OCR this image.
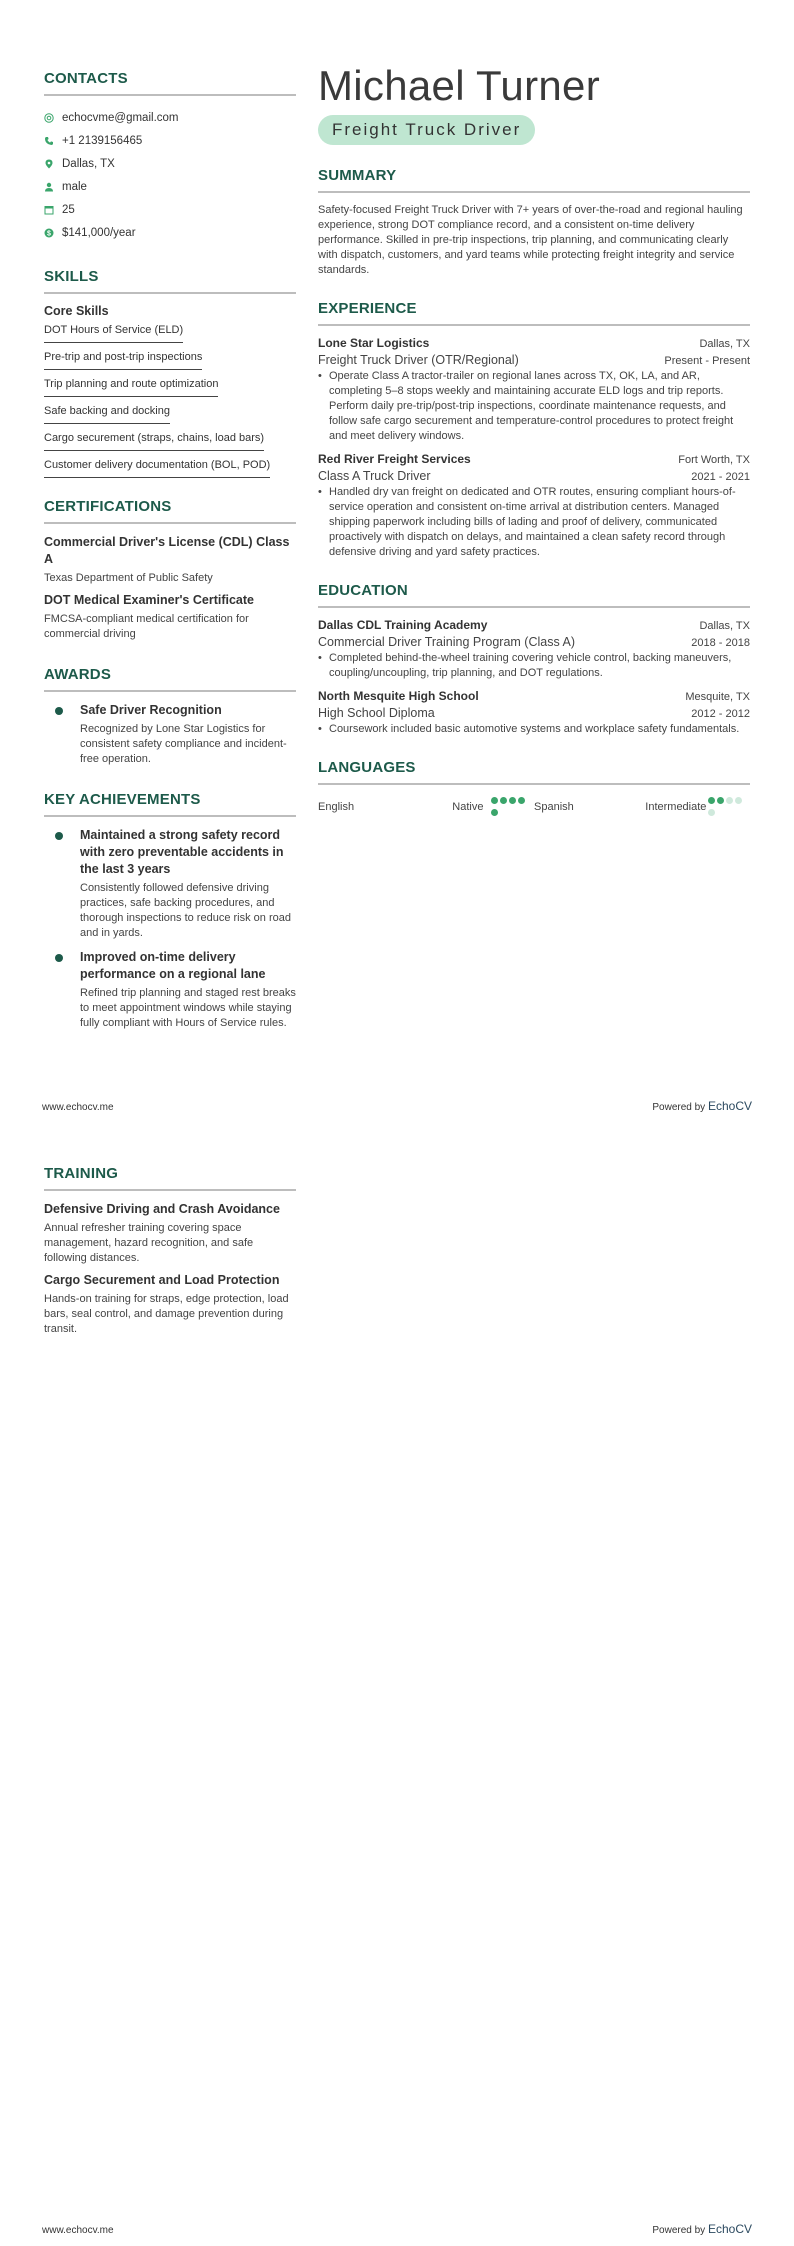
CONTACTS
echocvme@gmail.com
+1 2139156465
Dallas, TX
male
25
$ $141,000/year
SKILLS
Core Skills
DOT Hours of Service (ELD)
Pre-trip and post-trip inspections
Trip planning and route optimization
Safe backing and docking
Cargo securement (straps, chains, load bars)
Customer delivery documentation (BOL, POD)
CERTIFICATIONS
Commercial Driver's License (CDL) Class A
Texas Department of Public Safety
DOT Medical Examiner's Certificate
FMCSA-compliant medical certification for commercial driving
AWARDS
Safe Driver Recognition
Recognized by Lone Star Logistics for consistent safety compliance and incident-free operation.
KEY ACHIEVEMENTS
Maintained a strong safety record with zero preventable accidents in the last 3 years
Consistently followed defensive driving practices, safe backing procedures, and thorough inspections to reduce risk on road and in yards.
Improved on-time delivery performance on a regional lane
Refined trip planning and staged rest breaks to meet appointment windows while staying fully compliant with Hours of Service rules.
Michael Turner
Freight Truck Driver
SUMMARY
Safety-focused Freight Truck Driver with 7+ years of over-the-road and regional hauling experience, strong DOT compliance record, and a consistent on-time delivery performance. Skilled in pre-trip inspections, trip planning, and communicating clearly with dispatch, customers, and yard teams while protecting freight integrity and service standards.
EXPERIENCE
Lone Star Logistics	Dallas, TX
Freight Truck Driver (OTR/Regional)	Present - Present
• Operate Class A tractor-trailer on regional lanes across TX, OK, LA, and AR, completing 5–8 stops weekly and maintaining accurate ELD logs and trip reports. Perform daily pre-trip/post-trip inspections, coordinate maintenance requests, and follow safe cargo securement and temperature-control procedures to protect freight and meet delivery windows.
Red River Freight Services	Fort Worth, TX
Class A Truck Driver	2021 - 2021
• Handled dry van freight on dedicated and OTR routes, ensuring compliant hours-of-service operation and consistent on-time arrival at distribution centers. Managed shipping paperwork including bills of lading and proof of delivery, communicated proactively with dispatch on delays, and maintained a clean safety record through defensive driving and yard safety practices.
EDUCATION
Dallas CDL Training Academy	Dallas, TX
Commercial Driver Training Program (Class A)	2018 - 2018
• Completed behind-the-wheel training covering vehicle control, backing maneuvers, coupling/uncoupling, trip planning, and DOT regulations.
North Mesquite High School	Mesquite, TX
High School Diploma	2012 - 2012
• Coursework included basic automotive systems and workplace safety fundamentals.
LANGUAGES
English	Native	Spanish	Intermediate
www.echocv.me	Powered by EchoCV
TRAINING
Defensive Driving and Crash Avoidance
Annual refresher training covering space management, hazard recognition, and safe following distances.
Cargo Securement and Load Protection
Hands-on training for straps, edge protection, load bars, seal control, and damage prevention during transit.
www.echocv.me	Powered by EchoCV
